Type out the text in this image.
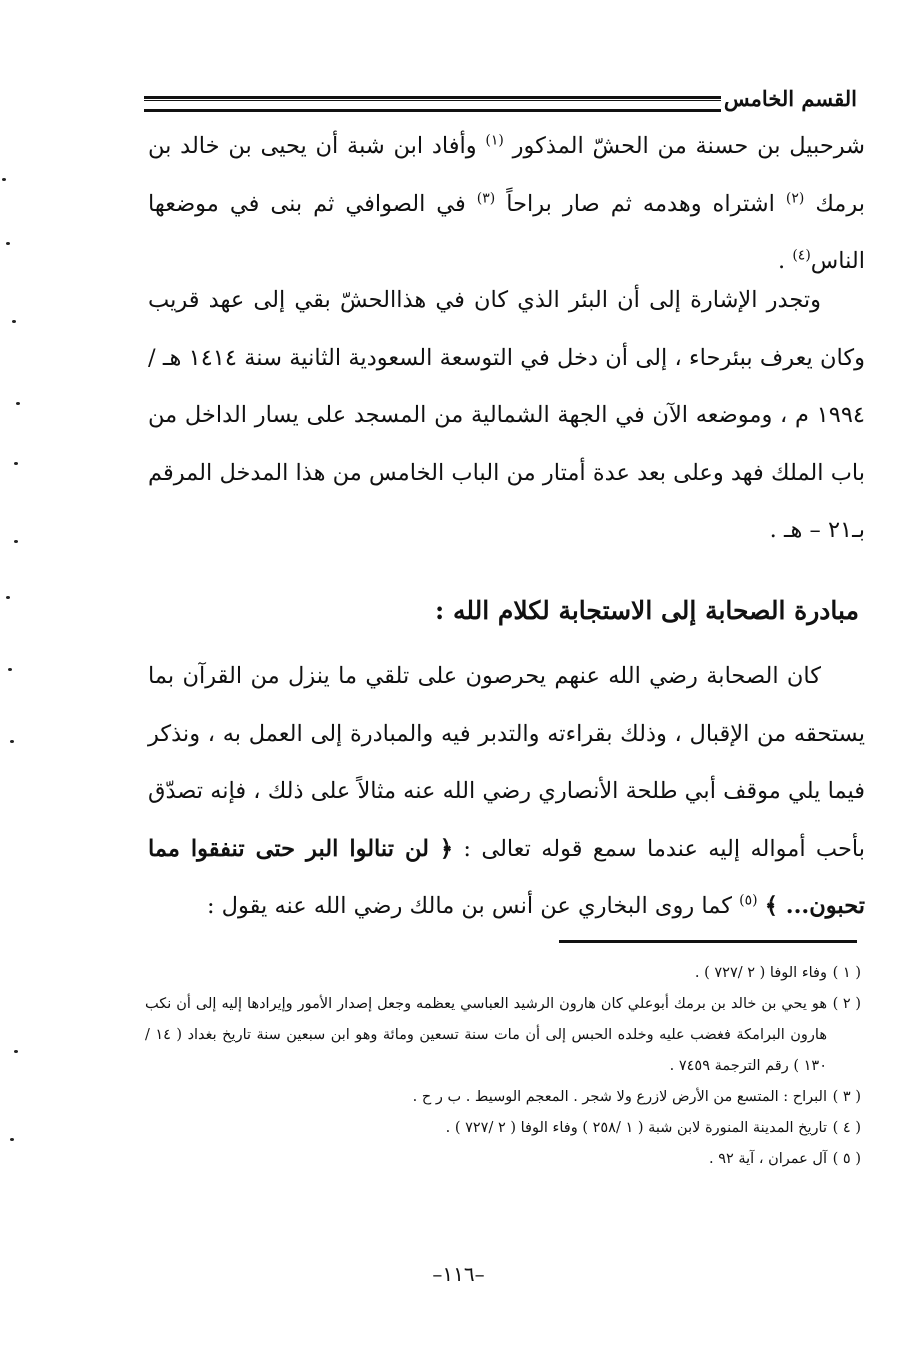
القسم الخامس

شرحبيل بن حسنة من الحشّ المذكور $^{(١)}$ وأفاد ابن شبة أن يحيى بن خالد بن برمك $^{(٢)}$ اشتراه وهدمه ثم صار براحاً $^{(٣)}$ في الصوافي ثم بنى في موضعها الناس$^{(٤)}$ .

وتجدر الإشارة إلى أن البئر الذي كان في هذاالحشّ بقي إلى عهد قريب وكان يعرف ببئرحاء ، إلى أن دخل في التوسعة السعودية الثانية سنة ١٤١٤ هـ / ١٩٩٤ م ، وموضعه الآن في الجهة الشمالية من المسجد على يسار الداخل من باب الملك فهد وعلى بعد عدة أمتار من الباب الخامس من هذا المدخل المرقم بـ٢١ – هـ .

مبادرة الصحابة إلى الاستجابة لكلام الله :

كان الصحابة رضي الله عنهم يحرصون على تلقي ما ينزل من القرآن بما يستحقه من الإقبال ، وذلك بقراءته والتدبر فيه والمبادرة إلى العمل به ، ونذكر فيما يلي موقف أبي طلحة الأنصاري رضي الله عنه مثالاً على ذلك ، فإنه تصدّق بأحب أمواله إليه عندما سمع قوله تعالى : ﴿ لن تنالوا البر حتى تنفقوا مما تحبون... ﴾ $^{(٥)}$ كما روى البخاري عن أنس بن مالك رضي الله عنه يقول :

( ١ )
وفاء الوفا ( ٢ /٧٢٧ ) .

( ٢ )
هو يحي بن خالد بن برمك أبوعلي كان هارون الرشيد العباسي يعظمه وجعل إصدار الأمور وإيرادها إليه إلى أن نكب هارون البرامكة فغضب عليه وخلده الحبس إلى أن مات سنة تسعين ومائة وهو ابن سبعين سنة تاريخ بغداد ( ١٤ / ١٣٠ ) رقم الترجمة ٧٤٥٩ .

( ٣ )
البراح : المتسع من الأرض لازرع ولا شجر . المعجم الوسيط . ب ر ح .

( ٤ )
تاريخ المدينة المنورة لابن شبة ( ١ /٢٥٨ ) وفاء الوفا ( ٢ /٧٢٧ ) .

( ٥ )
آل عمران ، آية ٩٢ .

–١١٦–
